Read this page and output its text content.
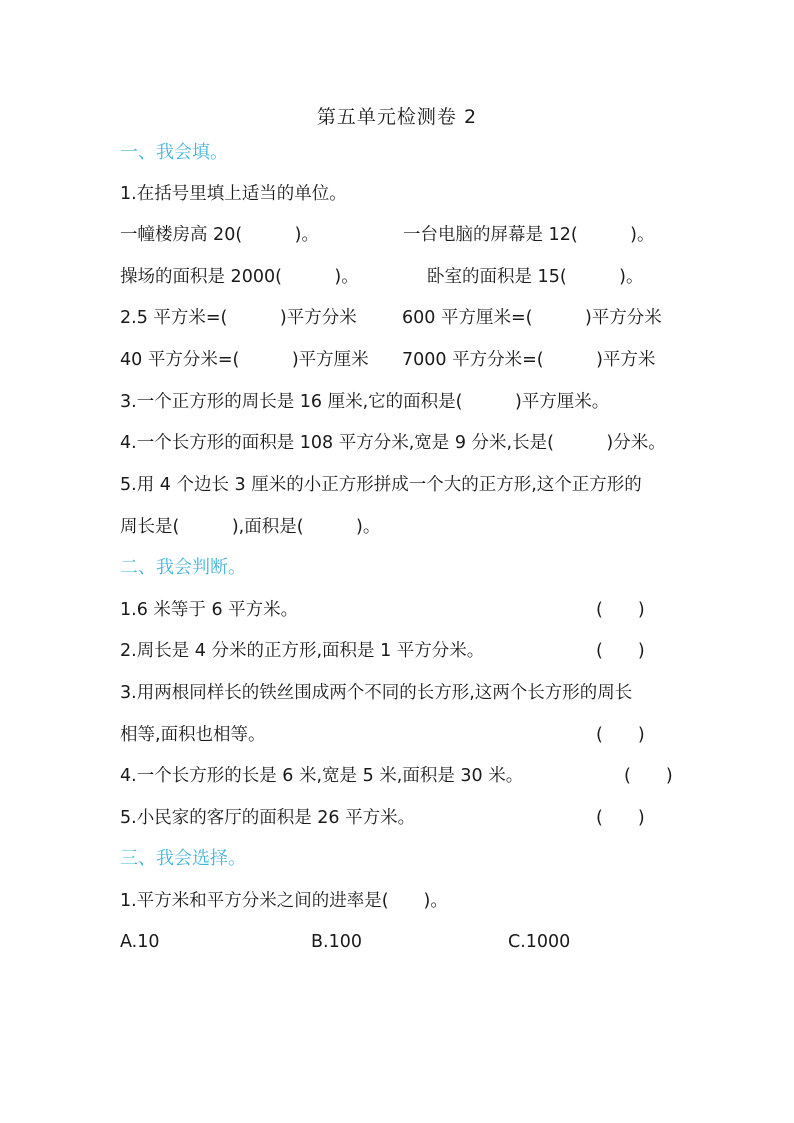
第五单元检测卷 2
一、我会填。
1.在括号里填上适当的单位。
一幢楼房高 20(　　　)。	一台电脑的屏幕是 12(　　　)。
操场的面积是 2000(　　　)。	卧室的面积是 15(　　　)。
2.5 平方米=(　　　)平方分米	600 平方厘米=(　　　)平方分米
40 平方分米=(　　　)平方厘米 7000 平方分米=(　　　)平方米
3.一个正方形的周长是 16 厘米,它的面积是(　　　)平方厘米。
4.一个长方形的面积是 108 平方分米,宽是 9 分米,长是(　　　)分米。
5.用 4 个边长 3 厘米的小正方形拼成一个大的正方形,这个正方形的
周长是(　　　),面积是(　　　)。
二、我会判断。
1.6 米等于 6 平方米。	(　　)
2.周长是 4 分米的正方形,面积是 1 平方分米。	(　　)
3.用两根同样长的铁丝围成两个不同的长方形,这两个长方形的周长
相等,面积也相等。	(　　)
4.一个长方形的长是 6 米,宽是 5 米,面积是 30 米。	(　　)
5.小民家的客厅的面积是 26 平方米。	(　　)
三、我会选择。
1.平方米和平方分米之间的进率是(　　)。
A.10	B.100	C.1000
